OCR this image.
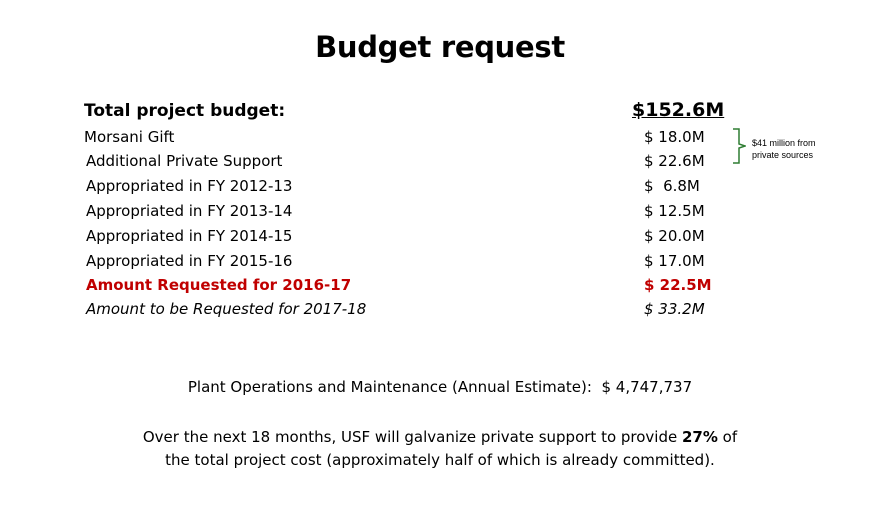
Budget request
Total project budget:	$152.6M
Morsani Gift	$ 18.0M
Additional Private Support	$ 22.6M
Appropriated in FY 2012-13	$  6.8M
Appropriated in FY 2013-14	$ 12.5M
Appropriated in FY 2014-15	$ 20.0M
Appropriated in FY 2015-16	$ 17.0M
Amount Requested for 2016-17	$ 22.5M
Amount to be Requested for 2017-18	$ 33.2M
$41 million from
private sources
Plant Operations and Maintenance (Annual Estimate):  $ 4,747,737
Over the next 18 months, USF will galvanize private support to provide 27% of
the total project cost (approximately half of which is already committed).
